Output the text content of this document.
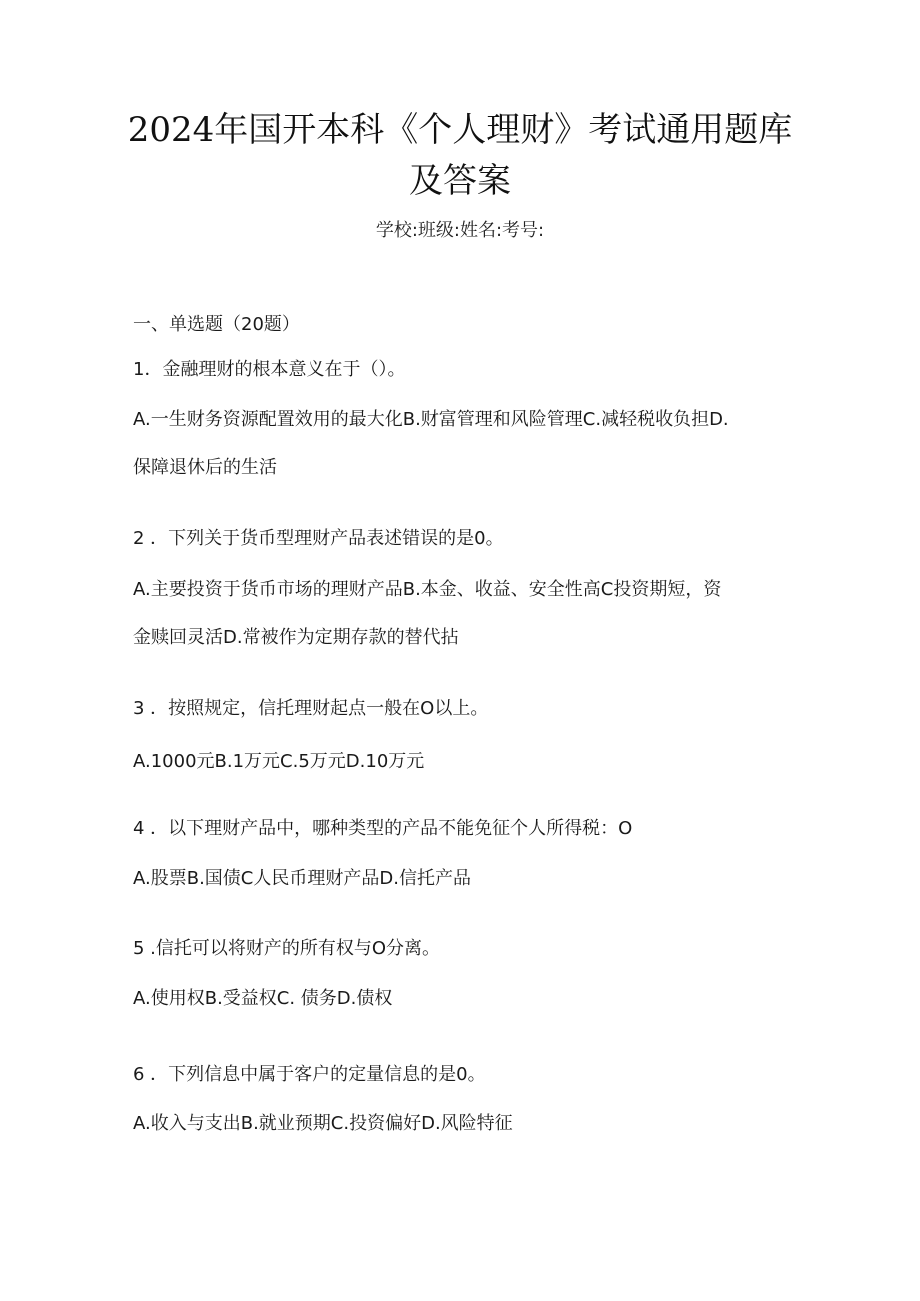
2024年国开本科《个人理财》考试通用题库
及答案
学校:班级:姓名:考号:
一、单选题（20题）
1．金融理财的根本意义在于（）。
A.一生财务资源配置效用的最大化B.财富管理和风险管理C.减轻税收负担D.
保障退休后的生活
2 ．下列关于货币型理财产品表述错误的是0。
A.主要投资于货币市场的理财产品B.本金、收益、安全性高C投资期短，资
金赎回灵活D.常被作为定期存款的替代拈
3 ．按照规定，信托理财起点一般在O以上。
A.1000元B.1万元C.5万元D.10万元
4 ．以下理财产品中，哪种类型的产品不能免征个人所得税：O
A.股票B.国债C人民币理财产品D.信托产品
5 .信托可以将财产的所有权与O分离。
A.使用权B.受益权C. 债务D.债权
6 ．下列信息中属于客户的定量信息的是0。
A.收入与支出B.就业预期C.投资偏好D.风险特征
